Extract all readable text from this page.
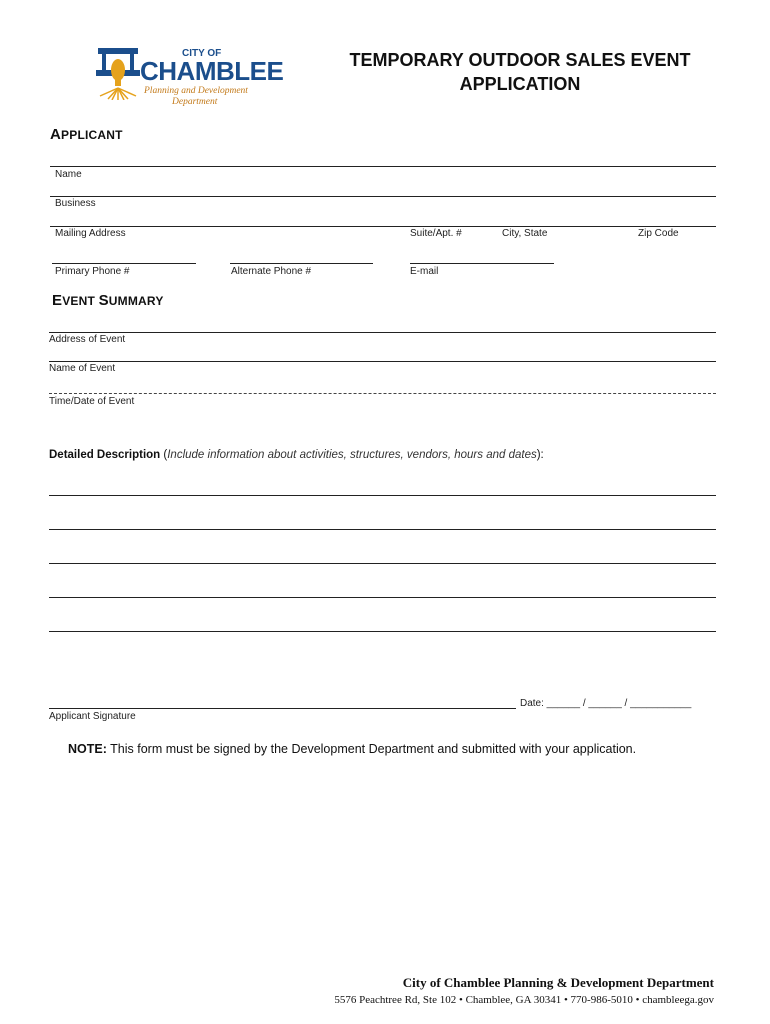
CITY OF
CHAMBLEE
Planning and Development
Department
TEMPORARY OUTDOOR SALES EVENT
APPLICATION
APPLICANT
Name
Business
Mailing Address	Suite/Apt. #	City, State	Zip Code
Primary Phone #	Alternate Phone #	E-mail
EVENT SUMMARY
Address of Event
Name of Event
Time/Date of Event
Detailed Description (Include information about activities, structures, vendors, hours and dates):
Date: ______ / ______ / ___________
Applicant Signature
NOTE: This form must be signed by the Development Department and submitted with your application.
City of Chamblee Planning & Development Department
5576 Peachtree Rd, Ste 102 • Chamblee, GA 30341 • 770-986-5010 • chambleega.gov
